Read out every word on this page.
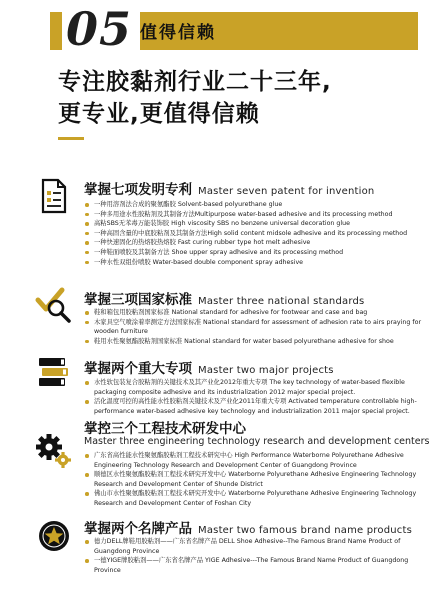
05 值得信赖
专注胶黏剂行业二十三年,
更专业,更值得信赖
掌握七项发明专利 Master seven patent for invention
一种用溶剂法合成的聚氨酯胶 Solvent-based polyurethane glue
一种多用途水性胶粘剂及其制备方法Multipurpose water-based adhesive and its processing method
高粘SBS无苯毒万能装饰胶 High viscosity SBS no benzene universal decoration glue
一种高固含量的中底胶粘剂及其制备方法High solid content midsole adhesive and its processing method
一种快速固化的热熔胶热熔胶 Fast curing rubber type hot melt adhesive
一种鞋面喷胶及其制备方法 Shoe upper spray adhesive and its processing method
一种水性双组份喷胶 Water-based double component spray adhesive
掌握三项国家标准 Master three national standards
鞋和箱包用胶粘剂国家标准 National standard for adhesive for footwear and case and bag
木家具空气喷涂着率测定方法国家标准 National standard for assessment of adhesion rate to airs praying for wooden furniture
鞋用水性聚氨酯胶粘剂国家标准 National standard for water based polyurethane adhesive for shoe
掌握两个重大专项 Master two major projects
水性软包装复合胶粘剂的关键技术及其产业化2012年重大专项 The key technology of water-based flexible packaging composite adhesive and its industrialization 2012 major special project.
活化温度可控的高性能水性胶粘剂关键技术及产业化2011年重大专项 Activated temperature controllable high-performance water-based adhesive key technology and industrialization 2011 major special project.
掌控三个工程技术研发中心
Master three engineering technology research and development centers
广东省高性能水性聚氨酯胶粘剂工程技术研究中心 High Performance Waterborne Polyurethane Adhesive Engineering Technology Research and Development Center of Guangdong Province
顺德区水性聚氨酯胶粘剂工程技术研究开发中心 Waterborne Polyurethane Adhesive Engineering Technology Research and Development Center of Shunde District
佛山市水性聚氨酯胶粘剂工程技术研究开发中心 Waterborne Polyurethane Adhesive Engineering Technology Research and Development Center of Foshan City
掌握两个名牌产品 Master two famous brand name products
德力DELL牌鞋用胶粘剂——广东省名牌产品 DELL Shoe Adhesive--The Famous Brand Name Product of Guangdong Province
一德YIGE牌胶粘剂——广东省名牌产品 YIGE Adhesive---The Famous Brand Name Product of Guangdong Province
